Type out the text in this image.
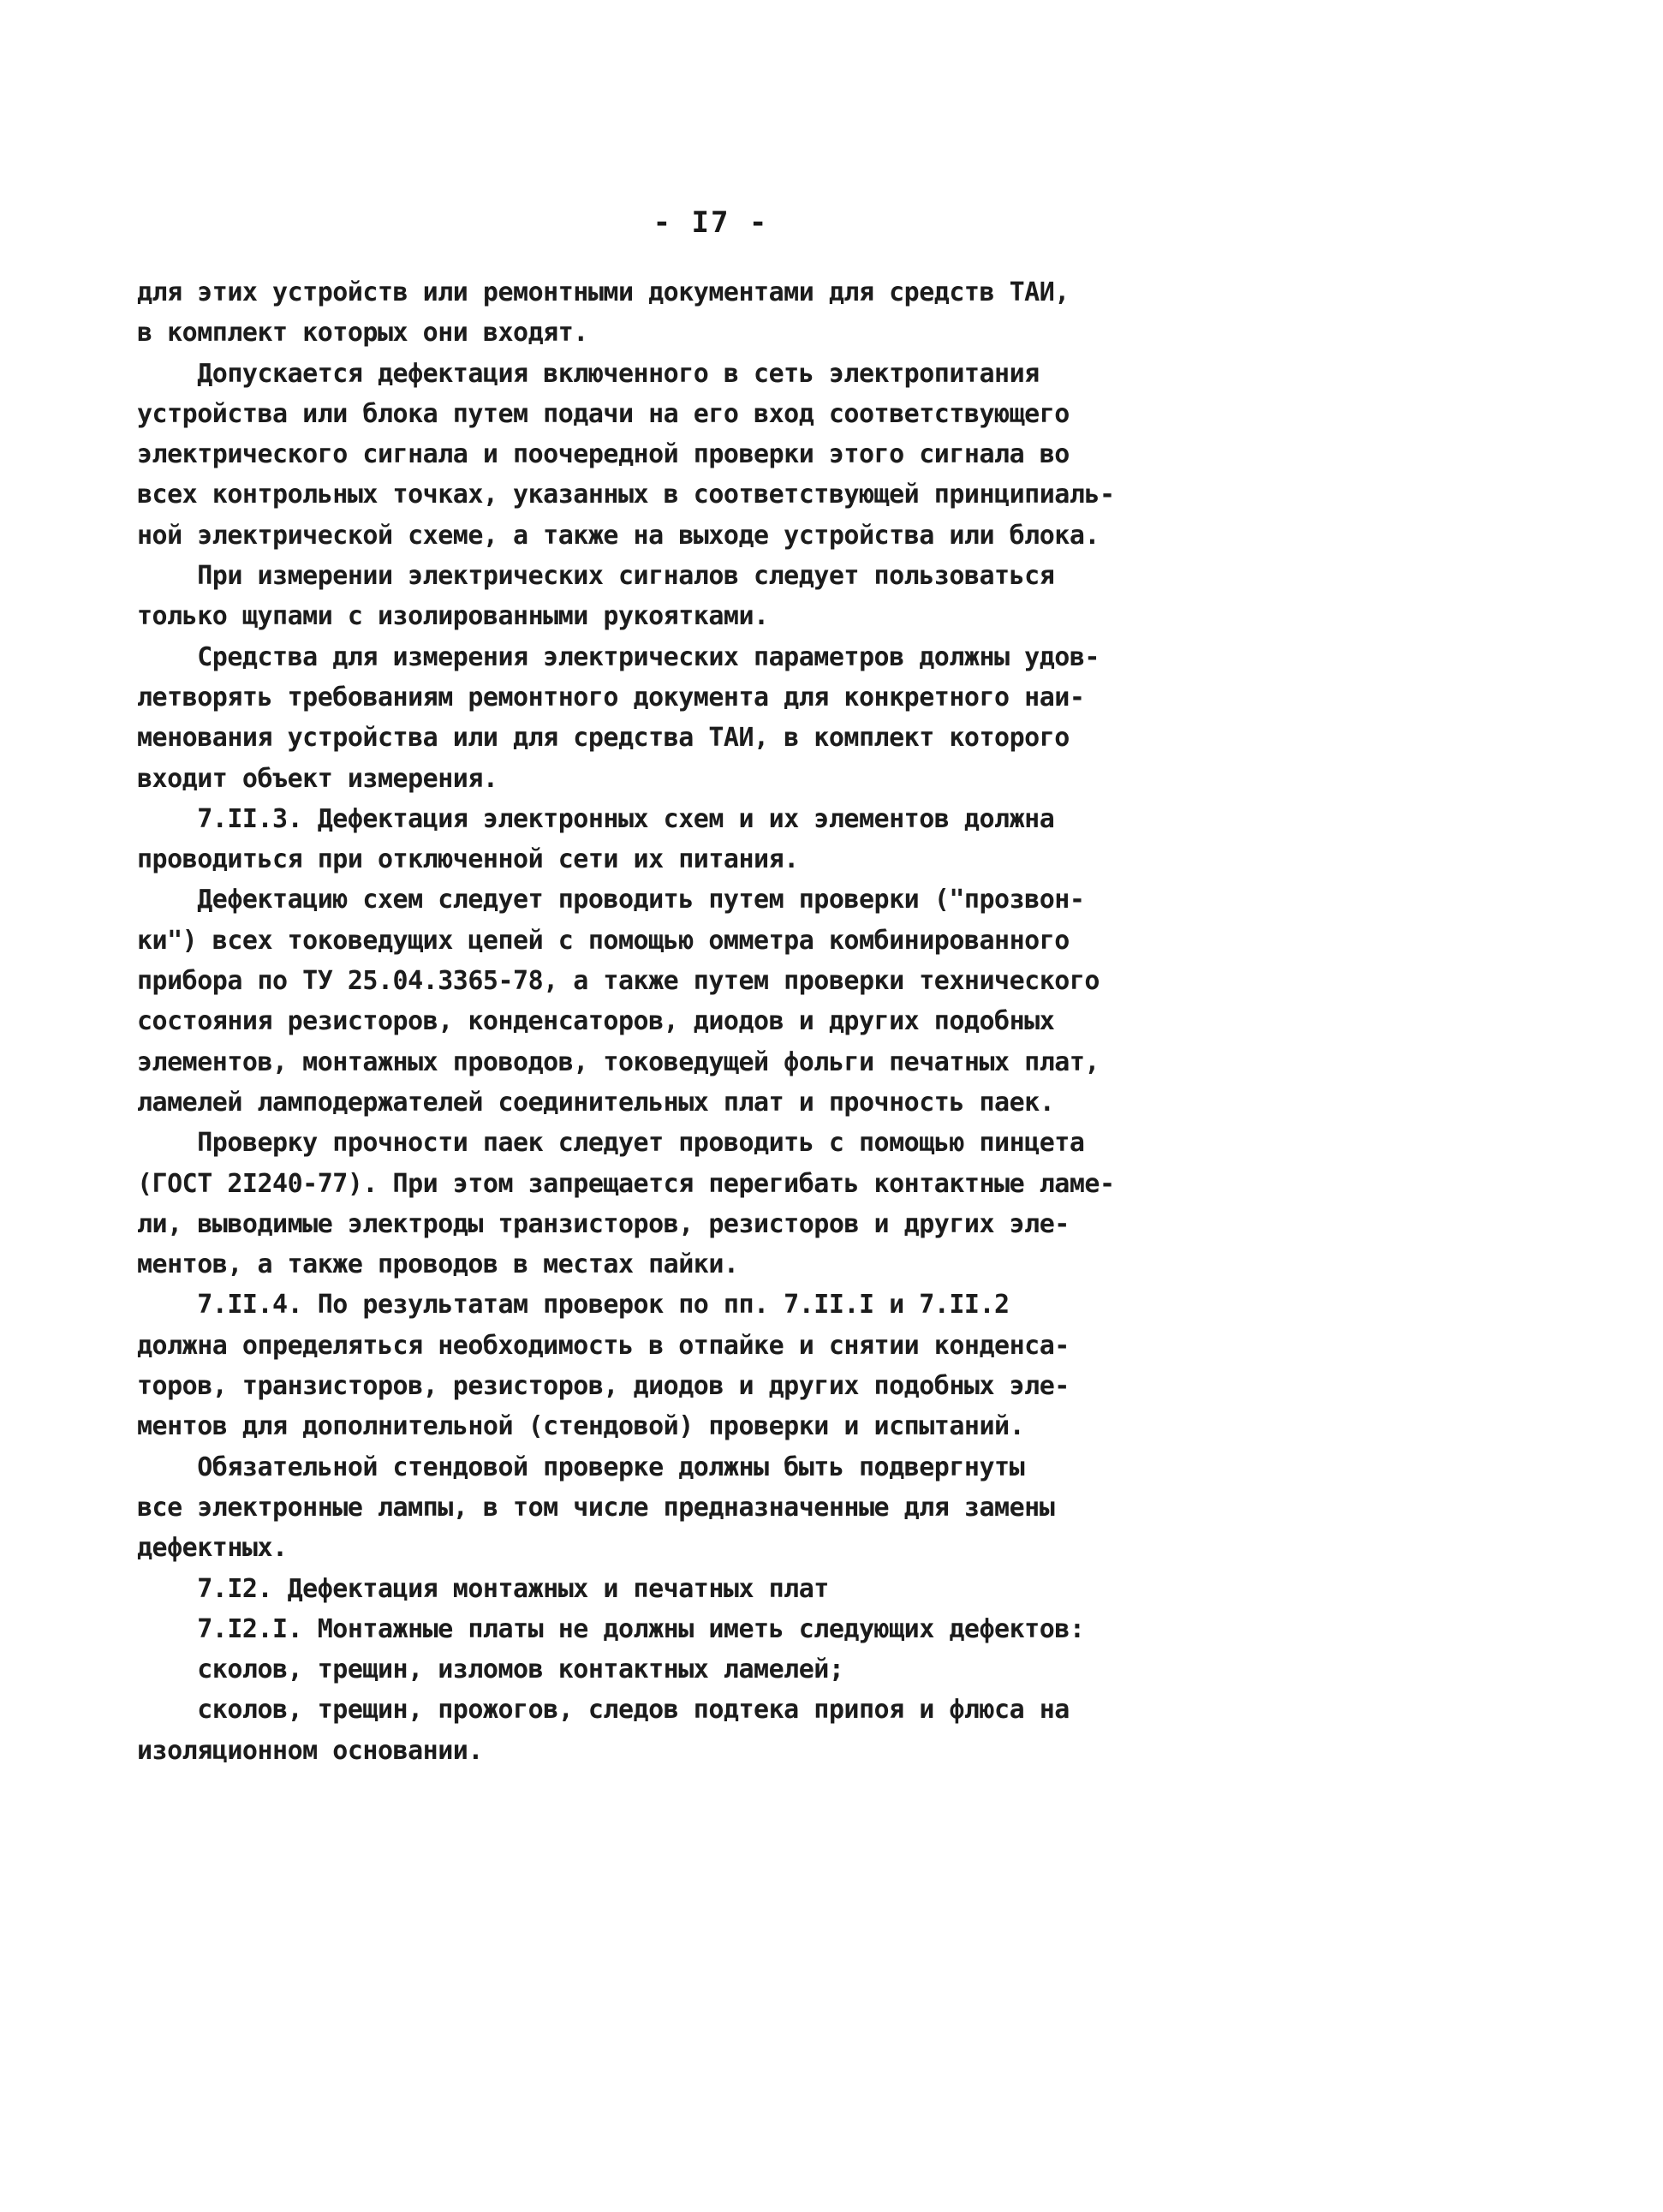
- I7 -
для этих устройств или ремонтными документами для средств ТАИ,
в комплект которых они входят.
Допускается дефектация включенного в сеть электропитания
устройства или блока путем подачи на его вход соответствующего
электрического сигнала и поочередной проверки этого сигнала во
всех контрольных точках, указанных в соответствующей принципиаль-
ной электрической схеме, а также на выходе устройства или блока.
При измерении электрических сигналов следует пользоваться
только щупами с изолированными рукоятками.
Средства для измерения электрических параметров должны удов-
летворять требованиям ремонтного документа для конкретного наи-
менования устройства или для средства ТАИ, в комплект которого
входит объект измерения.
7.II.3. Дефектация электронных схем и их элементов должна
проводиться при отключенной сети их питания.
Дефектацию схем следует проводить путем проверки ("прозвон-
ки") всех токоведущих цепей с помощью омметра комбинированного
прибора по ТУ 25.04.3365-78, а также путем проверки технического
состояния резисторов, конденсаторов, диодов и других подобных
элементов, монтажных проводов, токоведущей фольги печатных плат,
ламелей ламподержателей соединительных плат и прочность паек.
Проверку прочности паек следует проводить с помощью пинцета
(ГОСТ 2I240-77). При этом запрещается перегибать контактные ламе-
ли, выводимые электроды транзисторов, резисторов и других эле-
ментов, а также проводов в местах пайки.
7.II.4. По результатам проверок по пп. 7.II.I и 7.II.2
должна определяться необходимость в отпайке и снятии конденса-
торов, транзисторов, резисторов, диодов и других подобных эле-
ментов для дополнительной (стендовой) проверки и испытаний.
Обязательной стендовой проверке должны быть подвергнуты
все электронные лампы, в том числе предназначенные для замены
дефектных.
7.I2. Дефектация монтажных и печатных плат
7.I2.I. Монтажные платы не должны иметь следующих дефектов:
сколов, трещин, изломов контактных ламелей;
сколов, трещин, прожогов, следов подтека припоя и флюса на
изоляционном основании.
